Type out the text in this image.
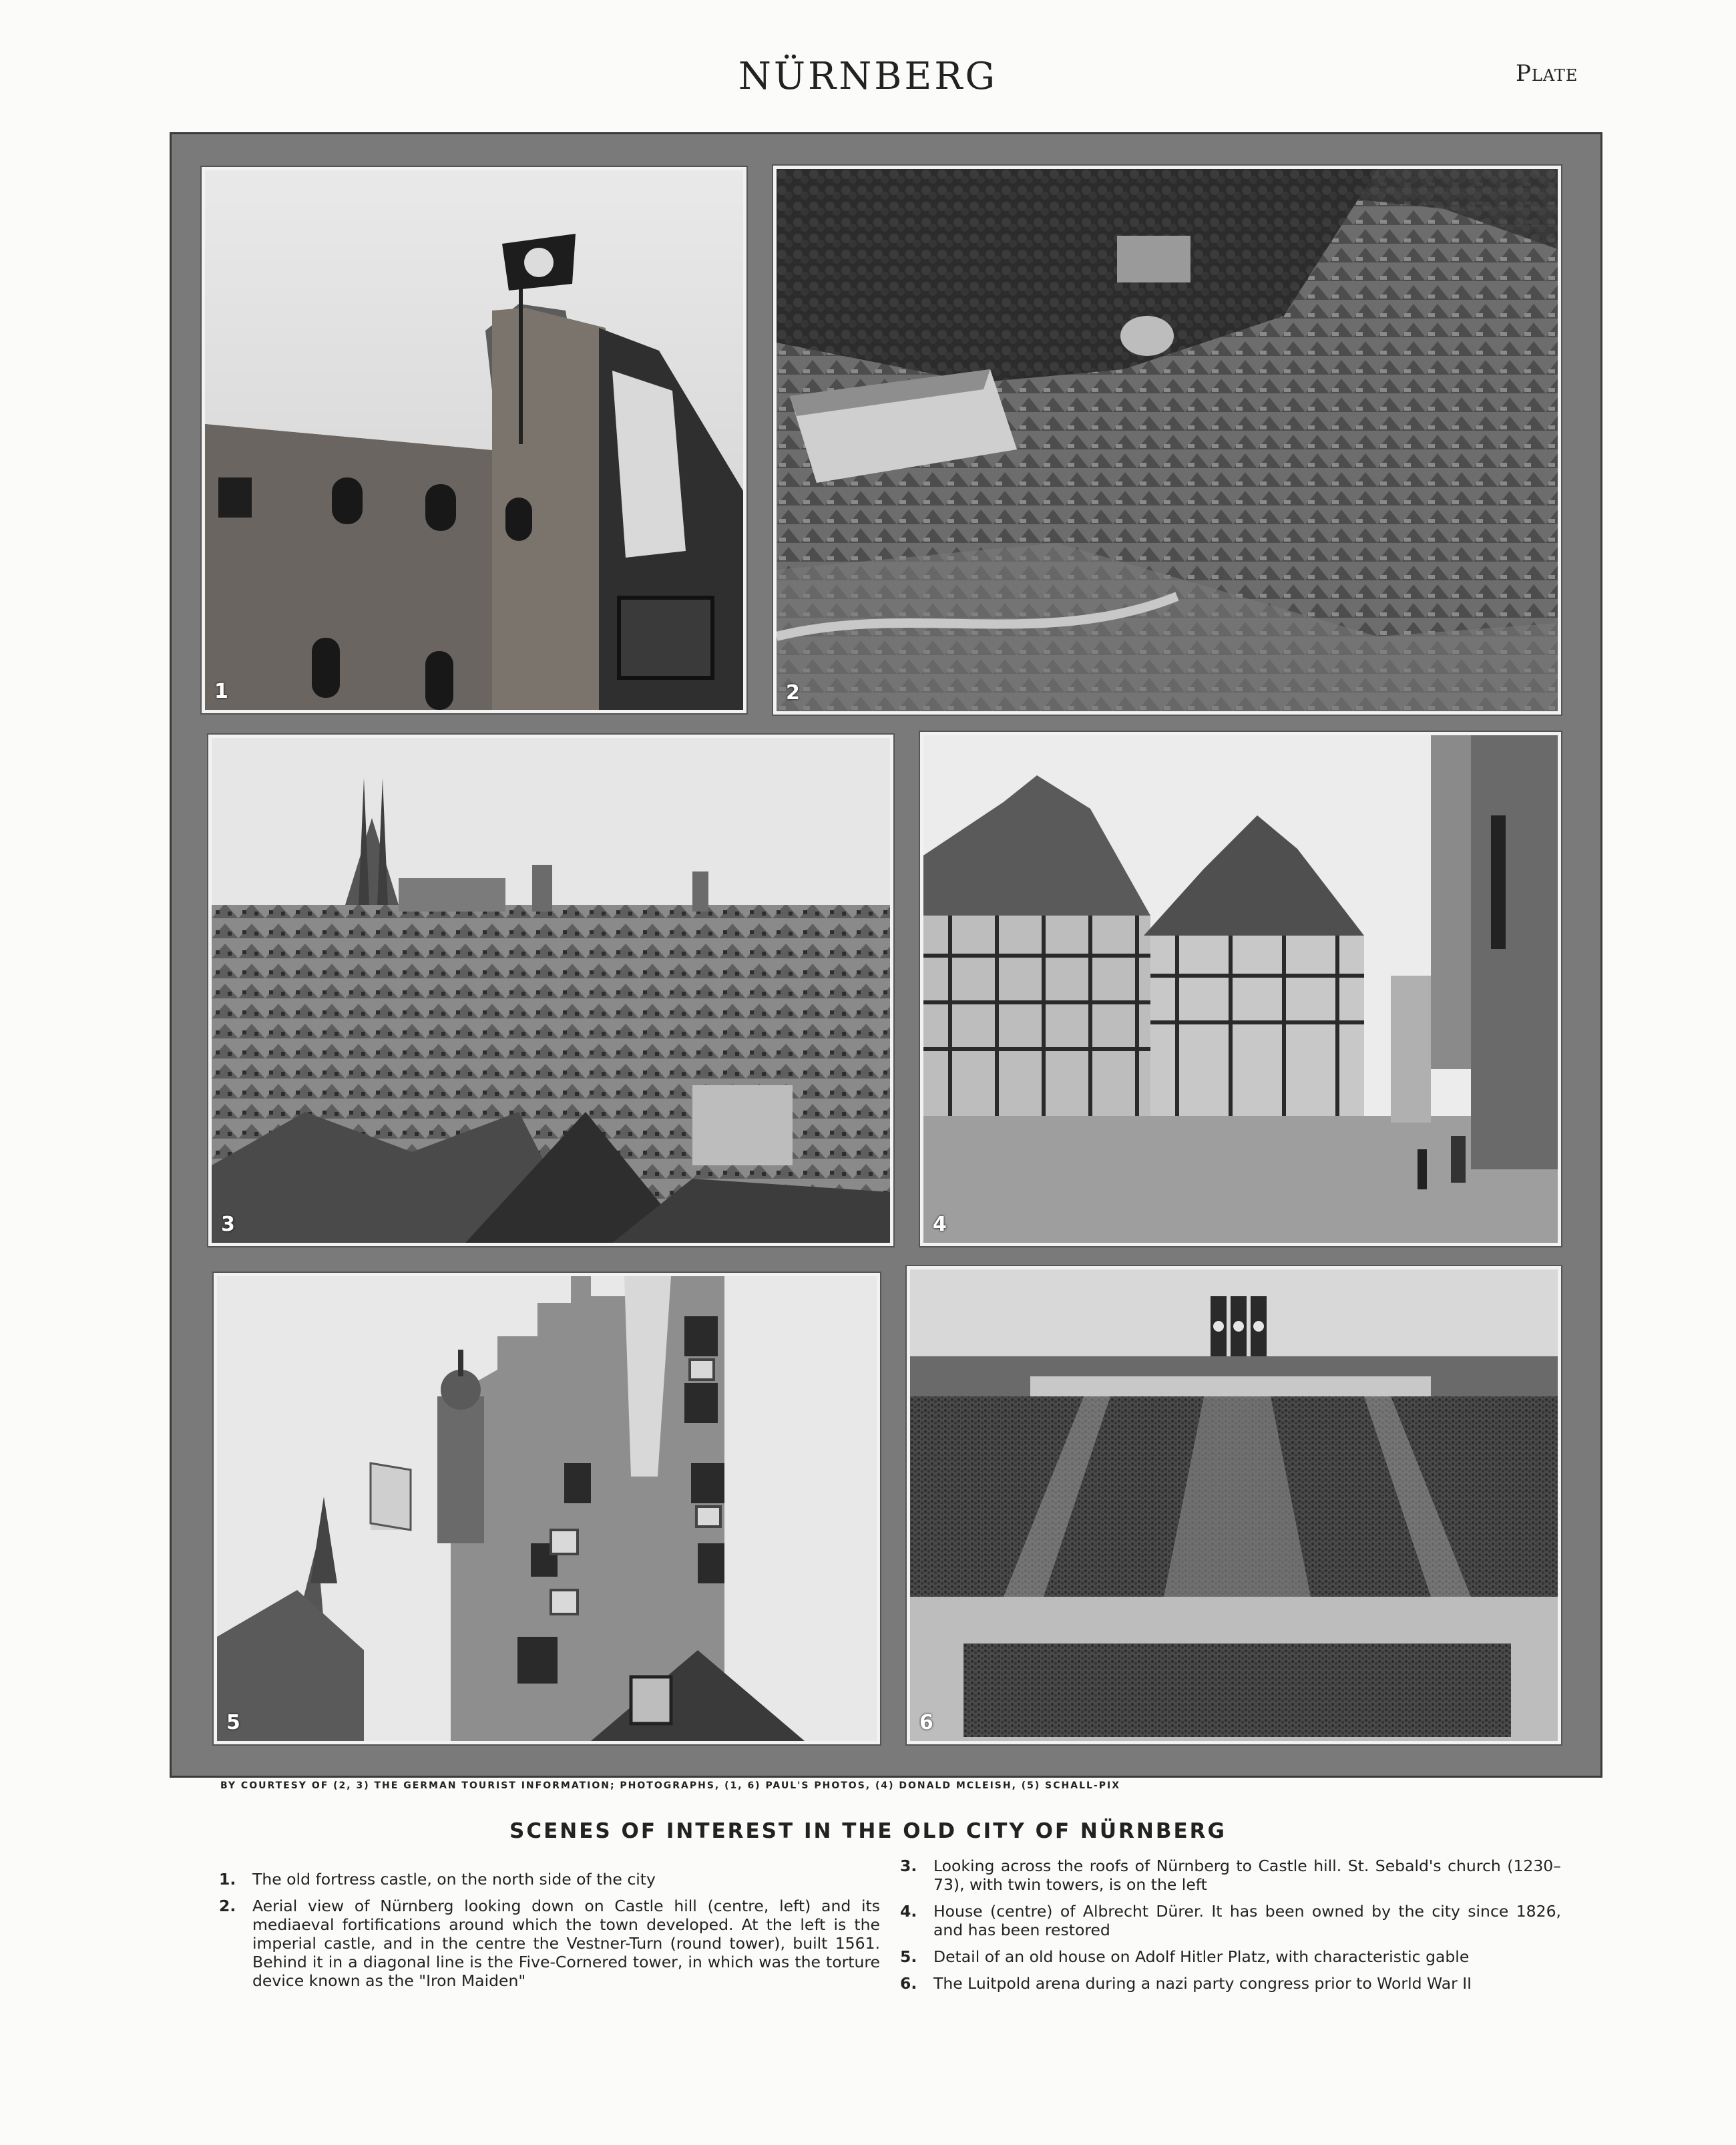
NÜRNBERG	Plate
1	2
3	4
5	6
BY COURTESY OF (2, 3) THE GERMAN TOURIST INFORMATION; PHOTOGRAPHS, (1, 6) PAUL'S PHOTOS, (4) DONALD MCLEISH, (5) SCHALL-PIX
SCENES OF INTEREST IN THE OLD CITY OF NÜRNBERG
1. The old fortress castle, on the north side of the city
2. Aerial view of Nürnberg looking down on Castle hill (centre, left) and its mediaeval fortifications around which the town developed. At the left is the imperial castle, and in the centre the Vestner-Turn (round tower), built 1561. Behind it in a diagonal line is the Five-Cornered tower, in which was the torture device known as the "Iron Maiden"
3. Looking across the roofs of Nürnberg to Castle hill. St. Sebald's church (1230–73), with twin towers, is on the left
4. House (centre) of Albrecht Dürer. It has been owned by the city since 1826, and has been restored
5. Detail of an old house on Adolf Hitler Platz, with characteristic gable
6. The Luitpold arena during a nazi party congress prior to World War II
